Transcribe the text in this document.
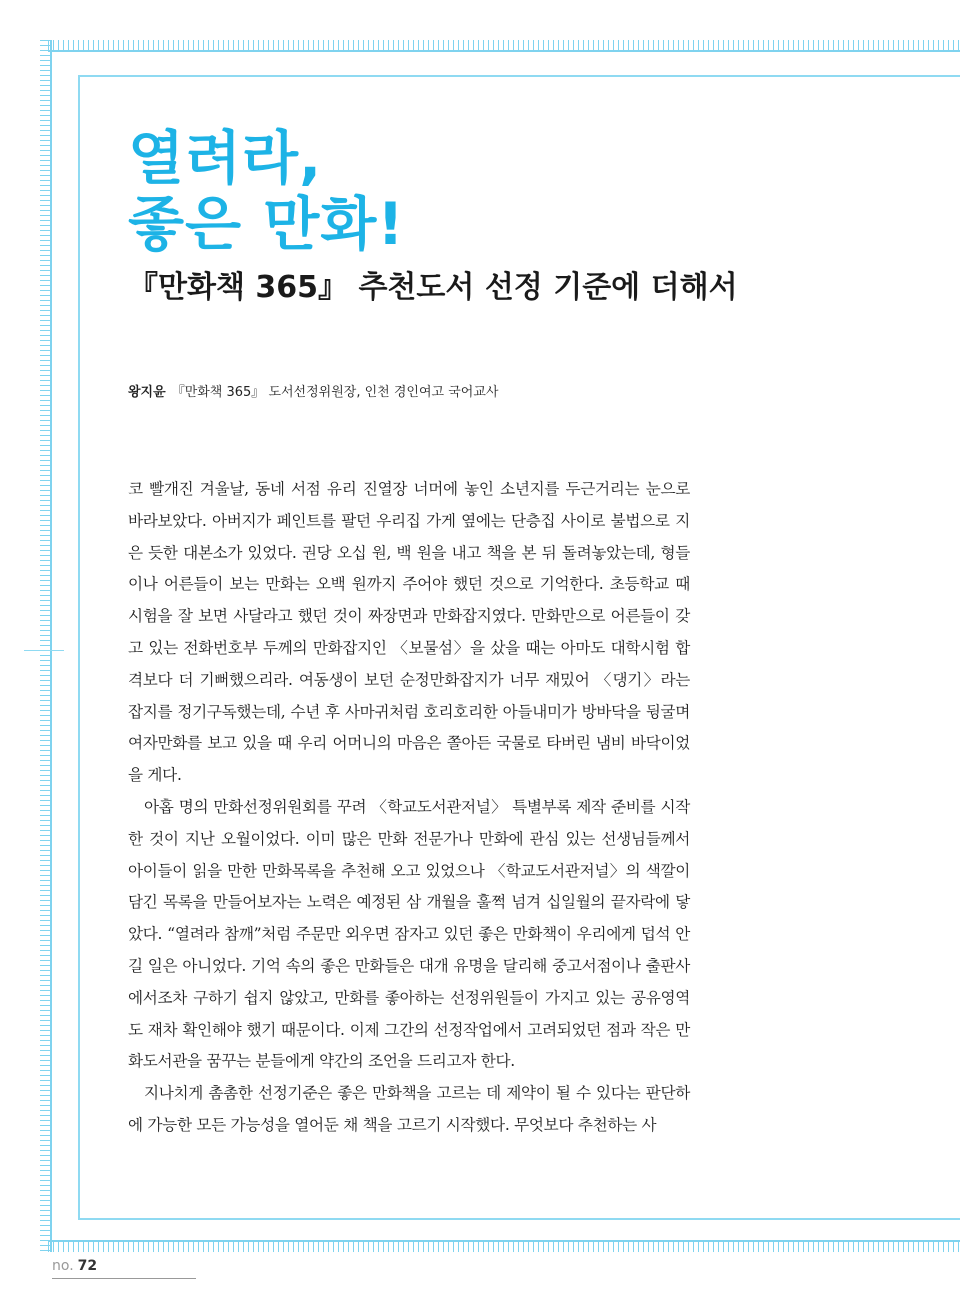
열려라,
좋은 만화!
『만화책 365』 추천도서 선정 기준에 더해서
왕지윤 『만화책 365』 도서선정위원장, 인천 경인여고 국어교사

코 빨개진 겨울날, 동네 서점 유리 진열장 너머에 놓인 소년지를 두근거리는 눈으로 바라보았다. 아버지가 페인트를 팔던 우리집 가게 옆에는 단층집 사이로 불법으로 지은 듯한 대본소가 있었다. 권당 오십 원, 백 원을 내고 책을 본 뒤 돌려놓았는데, 형들이나 어른들이 보는 만화는 오백 원까지 주어야 했던 것으로 기억한다. 초등학교 때 시험을 잘 보면 사달라고 했던 것이 짜장면과 만화잡지였다. 만화만으로 어른들이 갖고 있는 전화번호부 두께의 만화잡지인 〈보물섬〉을 샀을 때는 아마도 대학시험 합격보다 더 기뻐했으리라. 여동생이 보던 순정만화잡지가 너무 재밌어 〈댕기〉라는 잡지를 정기구독했는데, 수년 후 사마귀처럼 호리호리한 아들내미가 방바닥을 뒹굴며 여자만화를 보고 있을 때 우리 어머니의 마음은 쫄아든 국물로 타버린 냄비 바닥이었을 게다.

아홉 명의 만화선정위원회를 꾸려 〈학교도서관저널〉 특별부록 제작 준비를 시작한 것이 지난 오월이었다. 이미 많은 만화 전문가나 만화에 관심 있는 선생님들께서 아이들이 읽을 만한 만화목록을 추천해 오고 있었으나 〈학교도서관저널〉의 색깔이 담긴 목록을 만들어보자는 노력은 예정된 삼 개월을 훌쩍 넘겨 십일월의 끝자락에 닿았다. “열려라 참깨”처럼 주문만 외우면 잠자고 있던 좋은 만화책이 우리에게 덥석 안길 일은 아니었다. 기억 속의 좋은 만화들은 대개 유명을 달리해 중고서점이나 출판사에서조차 구하기 쉽지 않았고, 만화를 좋아하는 선정위원들이 가지고 있는 공유영역도 재차 확인해야 했기 때문이다. 이제 그간의 선정작업에서 고려되었던 점과 작은 만화도서관을 꿈꾸는 분들에게 약간의 조언을 드리고자 한다.

지나치게 촘촘한 선정기준은 좋은 만화책을 고르는 데 제약이 될 수 있다는 판단하에 가능한 모든 가능성을 열어둔 채 책을 고르기 시작했다. 무엇보다 추천하는 사

no. 72
